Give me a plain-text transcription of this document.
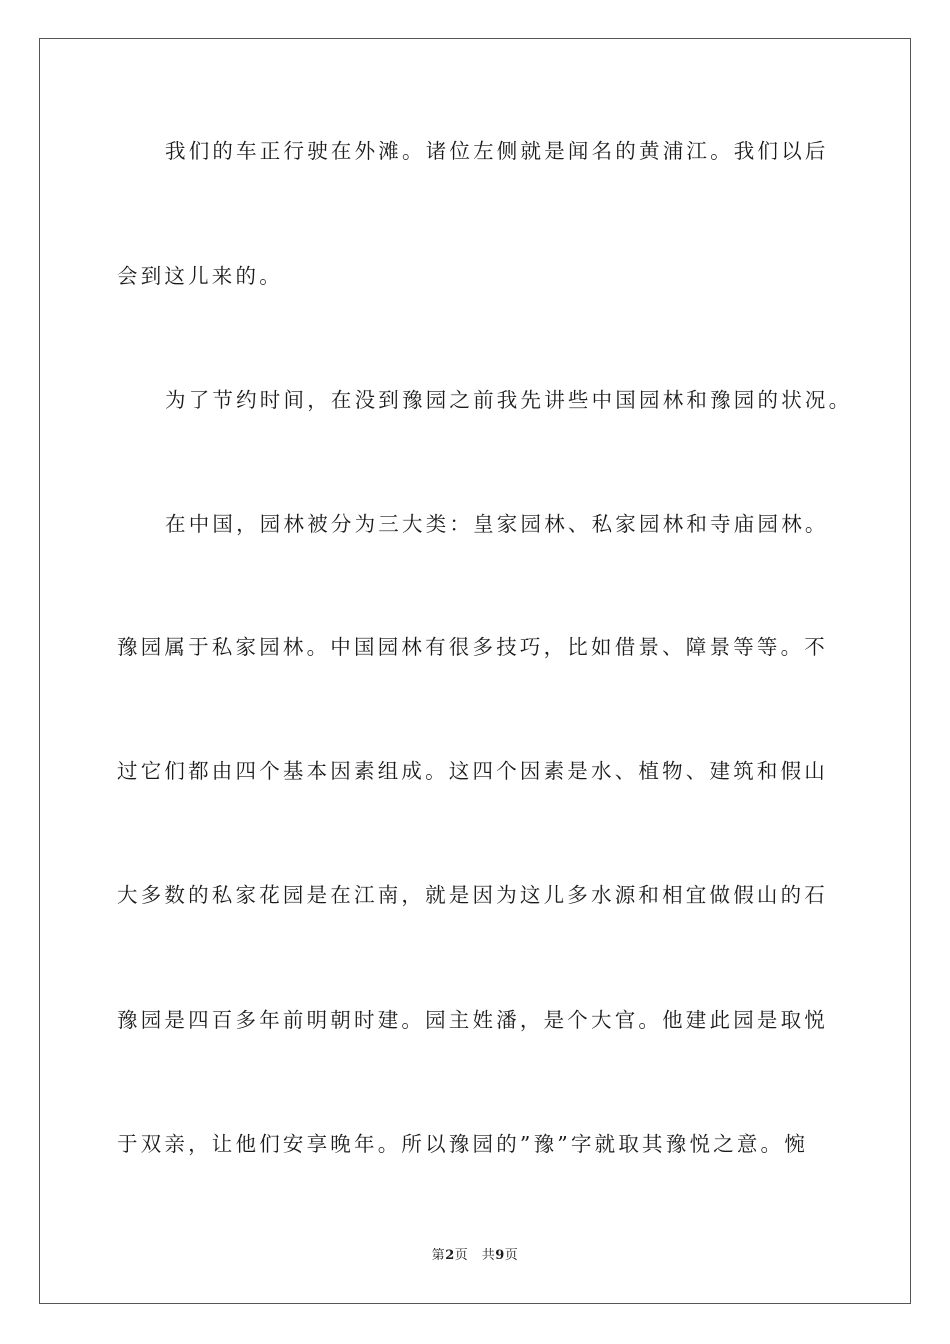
我们的车正行驶在外滩。诸位左侧就是闻名的黄浦江。我们以后
会到这儿来的。
为了节约时间，在没到豫园之前我先讲些中国园林和豫园的状况。
在中国，园林被分为三大类：皇家园林、私家园林和寺庙园林。
豫园属于私家园林。中国园林有很多技巧，比如借景、障景等等。不
过它们都由四个基本因素组成。这四个因素是水、植物、建筑和假山
大多数的私家花园是在江南，就是因为这儿多水源和相宜做假山的石
豫园是四百多年前明朝时建。园主姓潘，是个大官。他建此园是取悦
于双亲，让他们安享晚年。所以豫园的”豫”字就取其豫悦之意。惋
第2页　共9页
